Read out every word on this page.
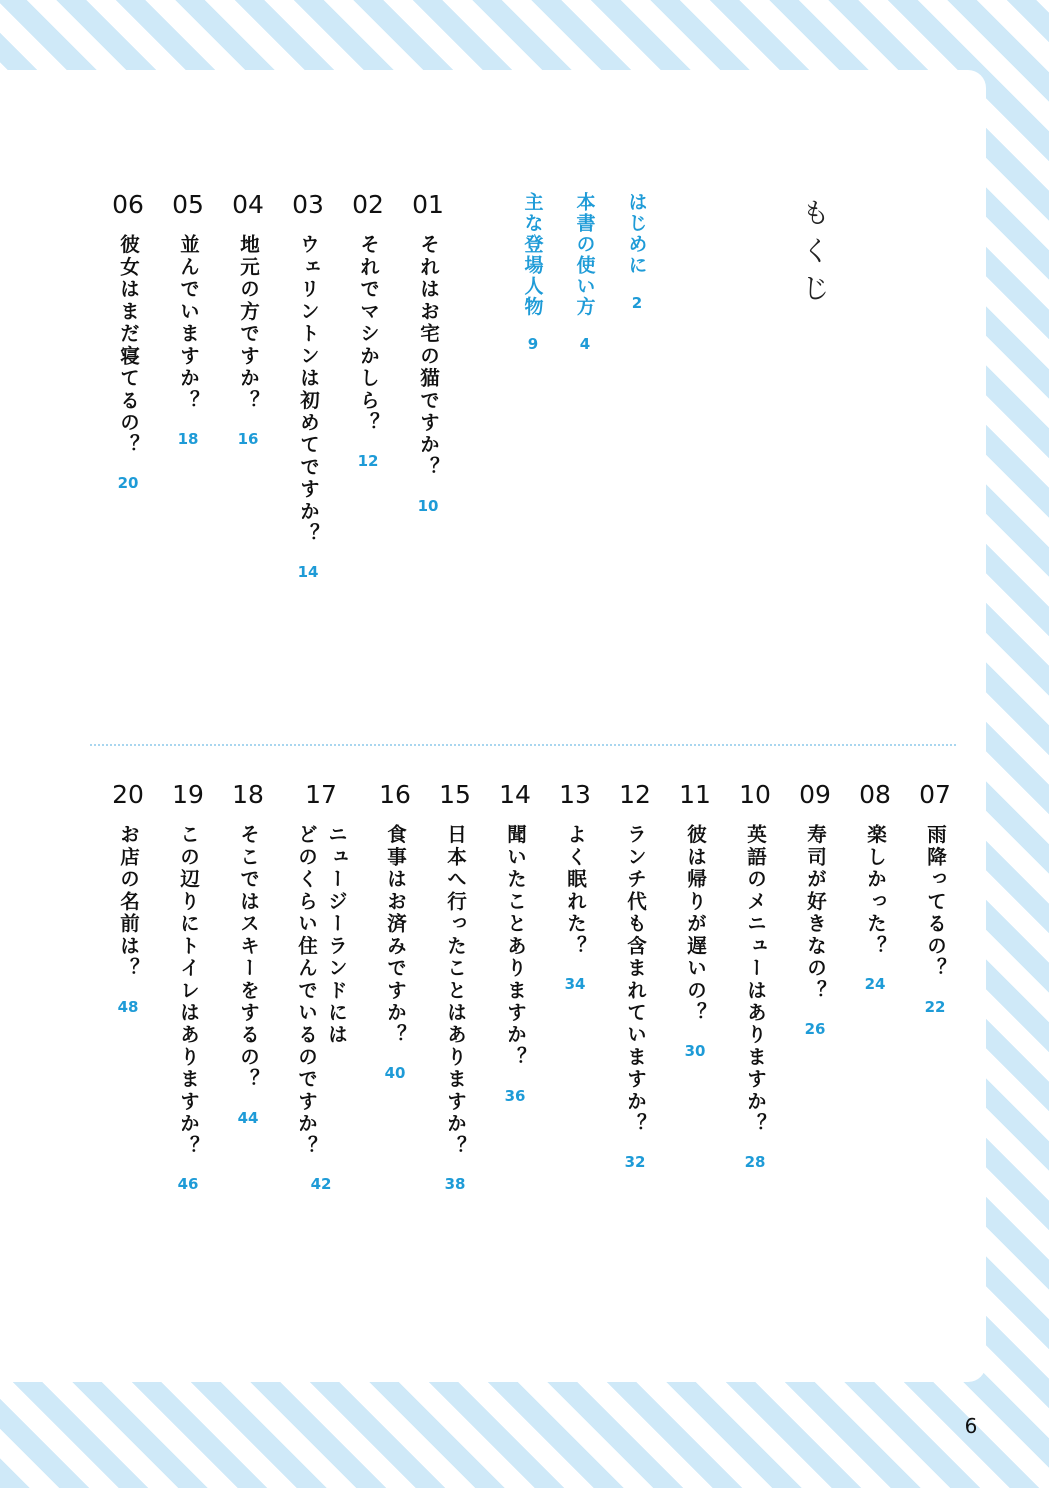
もくじ
はじめに
2
本書の使い方
4
主な登場人物
9
01
それはお宅の猫ですか？
10
02
それでマシかしら？
12
03
ウェリントンは初めてですか？
14
04
地元の方ですか？
16
05
並んでいますか？
18
06
彼女はまだ寝てるの？
20
07
雨降ってるの？
22
08
楽しかった？
24
09
寿司が好きなの？
26
10
英語のメニューはありますか？
28
11
彼は帰りが遅いの？
30
12
ランチ代も含まれていますか？
32
13
よく眠れた？
34
14
聞いたことありますか？
36
15
日本へ行ったことはありますか？
38
16
食事はお済みですか？
40
17
ニュージーランドには
どのくらい住んでいるのですか？
42
18
そこではスキーをするの？
44
19
この辺りにトイレはありますか？
46
20
お店の名前は？
48
6
